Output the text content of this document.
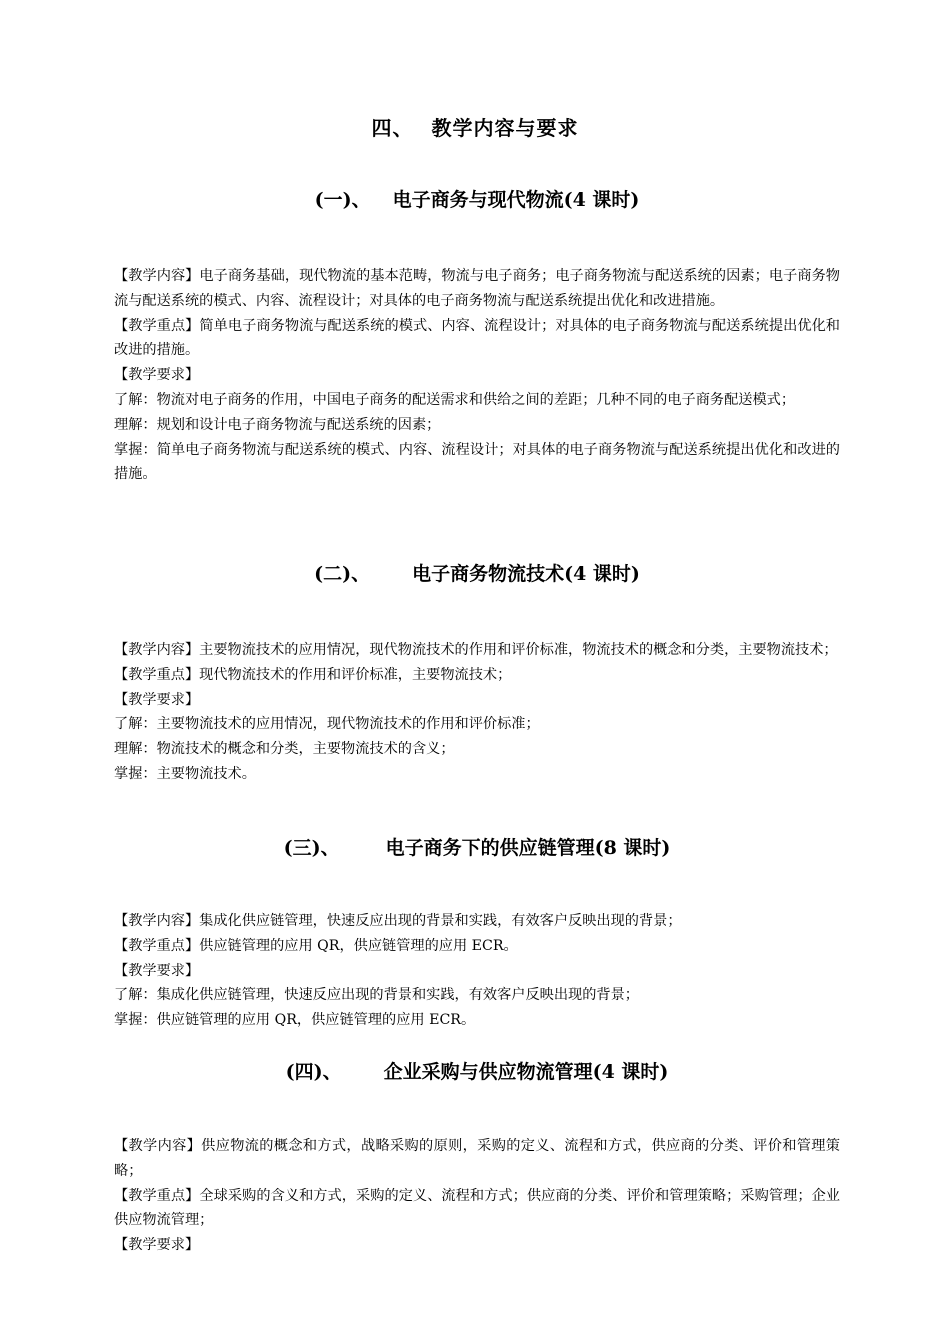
四、 教学内容与要求
(一)、 电子商务与现代物流(4 课时)

【教学内容】电子商务基础，现代物流的基本范畴，物流与电子商务；电子商务物流与配送系统的因素；电子商务物流与配送系统的模式、内容、流程设计；对具体的电子商务物流与配送系统提出优化和改进措施。

【教学重点】简单电子商务物流与配送系统的模式、内容、流程设计；对具体的电子商务物流与配送系统提出优化和改进的措施。

【教学要求】

了解：物流对电子商务的作用，中国电子商务的配送需求和供给之间的差距；几种不同的电子商务配送模式；

理解：规划和设计电子商务物流与配送系统的因素；

掌握：简单电子商务物流与配送系统的模式、内容、流程设计；对具体的电子商务物流与配送系统提出优化和改进的措施。

(二)、 电子商务物流技术(4 课时)

【教学内容】主要物流技术的应用情况，现代物流技术的作用和评价标准，物流技术的概念和分类，主要物流技术；

【教学重点】现代物流技术的作用和评价标准，主要物流技术；

【教学要求】

了解：主要物流技术的应用情况，现代物流技术的作用和评价标准；

理解：物流技术的概念和分类，主要物流技术的含义；

掌握：主要物流技术。

(三)、 电子商务下的供应链管理(8 课时)

【教学内容】集成化供应链管理，快速反应出现的背景和实践，有效客户反映出现的背景；

【教学重点】供应链管理的应用 QR，供应链管理的应用 ECR。

【教学要求】

了解：集成化供应链管理，快速反应出现的背景和实践，有效客户反映出现的背景；

掌握：供应链管理的应用 QR，供应链管理的应用 ECR。

(四)、 企业采购与供应物流管理(4 课时)

【教学内容】供应物流的概念和方式，战略采购的原则，采购的定义、流程和方式，供应商的分类、评价和管理策略；

【教学重点】全球采购的含义和方式，采购的定义、流程和方式；供应商的分类、评价和管理策略；采购管理；企业供应物流管理；

【教学要求】
